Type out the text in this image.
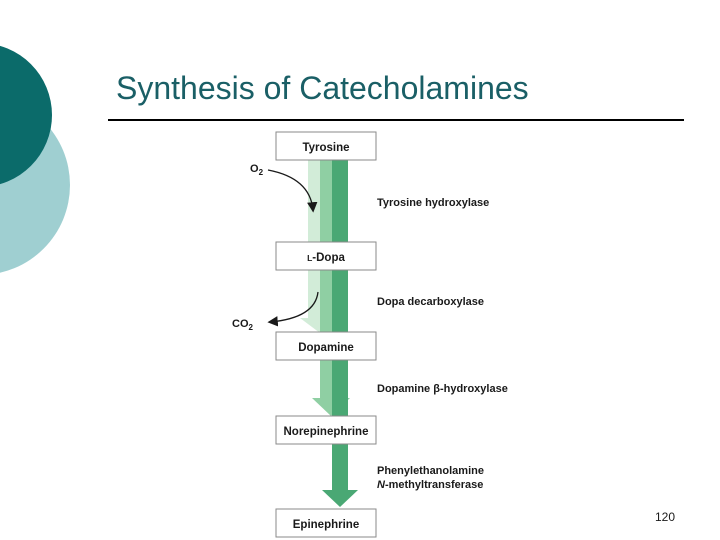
Synthesis of Catecholamines
Tyrosine
L-Dopa
Dopamine
Norepinephrine
Epinephrine
$O_2$
$CO_2$
Tyrosine hydroxylase
Dopa decarboxylase
Dopamine β-hydroxylase
Phenylethanolamine
N-methyltransferase
120
